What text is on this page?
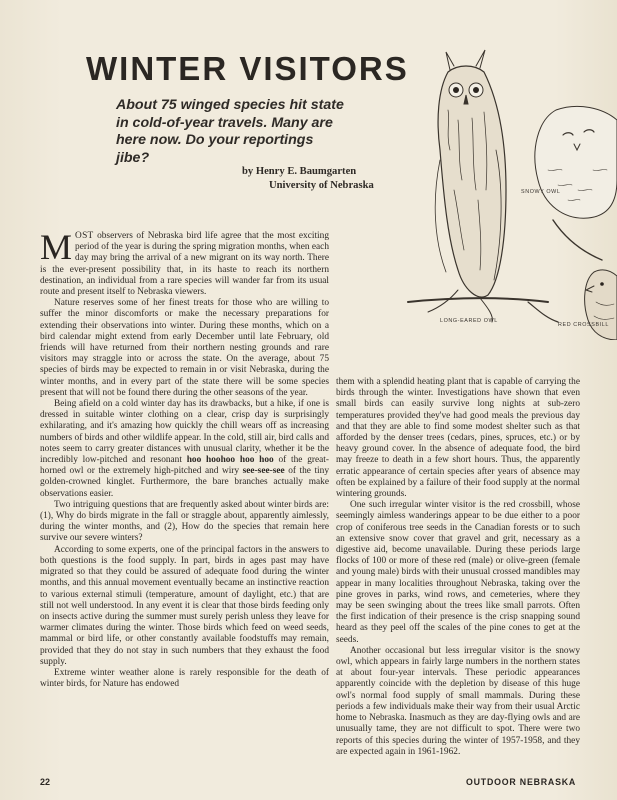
WINTER VISITORS
About 75 winged species hit state in cold-of-year travels. Many are here now. Do your reportings jibe?
by Henry E. Baumgarten
University of Nebraska
SNOWY OWL
LONG-EARED OWL
RED CROSSBILL

MOST observers of Nebraska bird life agree that the most exciting period of the year is during the spring migration months, when each day may bring the arrival of a new migrant on its way north. There is the ever-present possibility that, in its haste to reach its northern destination, an individual from a rare species will wander far from its usual route and present itself to Nebraska viewers.

Nature reserves some of her finest treats for those who are willing to suffer the minor discomforts or make the necessary preparations for extending their observations into winter. During these months, which on a bird calendar might extend from early December until late February, old friends will have returned from their northern nesting grounds and rare visitors may straggle into or across the state. On the average, about 75 species of birds may be expected to remain in or visit Nebraska, during the winter months, and in every part of the state there will be some species present that will not be found there during the other seasons of the year.

Being afield on a cold winter day has its drawbacks, but a hike, if one is dressed in suitable winter clothing on a clear, crisp day is surprisingly exhilarating, and it's amazing how quickly the chill wears off as increasing numbers of birds and other wildlife appear. In the cold, still air, bird calls and notes seem to carry greater distances with unusual clarity, whether it be the incredibly low-pitched and resonant hoo hoohoo hoo hoo of the great-horned owl or the extremely high-pitched and wiry see-see-see of the tiny golden-crowned kinglet. Furthermore, the bare branches actually make observations easier.

Two intriguing questions that are frequently asked about winter birds are: (1), Why do birds migrate in the fall or straggle about, apparently aimlessly, during the winter months, and (2), How do the species that remain here survive our severe winters?

According to some experts, one of the principal factors in the answers to both questions is the food supply. In part, birds in ages past may have migrated so that they could be assured of adequate food during the winter months, and this annual movement eventually became an instinctive reaction to various external stimuli (temperature, amount of daylight, etc.) that are still not well understood. In any event it is clear that those birds feeding only on insects active during the summer must surely perish unless they leave for warmer climates during the winter. Those birds which feed on weed seeds, mammal or bird life, or other constantly available foodstuffs may remain, provided that they do not stay in such numbers that they exhaust the food supply.

Extreme winter weather alone is rarely responsible for the death of winter birds, for Nature has endowed

them with a splendid heating plant that is capable of carrying the birds through the winter. Investigations have shown that even small birds can easily survive long nights at sub-zero temperatures provided they've had good meals the previous day and that they are able to find some modest shelter such as that afforded by the denser trees (cedars, pines, spruces, etc.) or by heavy ground cover. In the absence of adequate food, the bird may freeze to death in a few short hours. Thus, the apparently erratic appearance of certain species after years of absence may often be explained by a failure of their food supply at the normal wintering grounds.

One such irregular winter visitor is the red crossbill, whose seemingly aimless wanderings appear to be due either to a poor crop of coniferous tree seeds in the Canadian forests or to such an extensive snow cover that gravel and grit, necessary as a digestive aid, become unavailable. During these periods large flocks of 100 or more of these red (male) or olive-green (female and young male) birds with their unusual crossed mandibles may appear in many localities throughout Nebraska, taking over the pine groves in parks, wind rows, and cemeteries, where they may be seen swinging about the trees like small parrots. Often the first indication of their presence is the crisp snapping sound heard as they peel off the scales of the pine cones to get at the seeds.

Another occasional but less irregular visitor is the snowy owl, which appears in fairly large numbers in the northern states at about four-year intervals. These periodic appearances apparently coincide with the depletion by disease of this huge owl's normal food supply of small mammals. During these periods a few individuals make their way from their usual Arctic home to Nebraska. Inasmuch as they are day-flying owls and are unusually tame, they are not difficult to spot. There were two reports of this species during the winter of 1957-1958, and they are expected again in 1961-1962.

22	OUTDOOR NEBRASKA
